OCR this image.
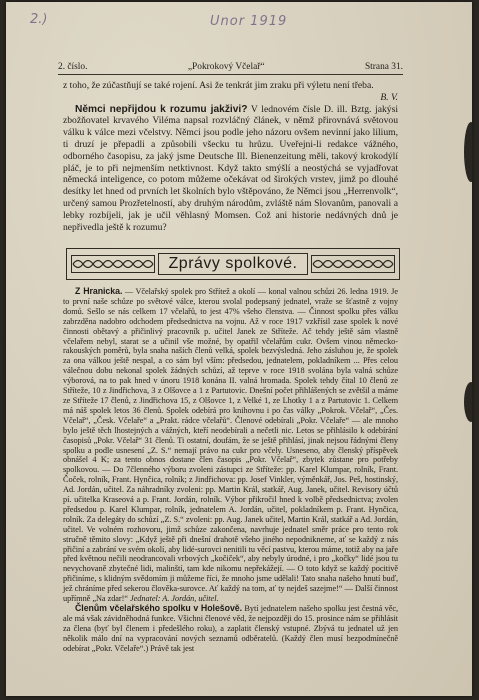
2.)	Unor 1919
2. číslo.	„Pokrokový Včelař“	Strana 31.
z toho, že zúčastňují se také rojení. Asi že tenkrát jim zraku při výletu není třeba.
B. V.
Němci nepřijdou k rozumu jakživi? V lednovém čísle D. ill. Bztg. jakýsi zbožňovatel krvavého Viléma napsal rozvláčný článek, v němž přirovnává světovou válku k válce mezi včelstvy. Němci jsou podle jeho názoru ovšem nevinní jako lilium, ti druzí je přepadli a způsobili všecku tu hrůzu. Uveřejni-li redakce vážného, odborného časopisu, za jaký jsme Deutsche Ill. Bienenzeitung měli, takový krokodýlí pláč, je to při nejmenším netktivnost. Když takto smýšlí a neostýchá se vyjadřovat německá inteligence, co potom můžeme očekávat od širokých vrstev, jimž po dlouhé desítky let hned od prvních let školních bylo vštěpováno, že Němci jsou „Herrenvolk“, určený samou Prozřetelností, aby druhým národům, zvláště nám Slovanům, panovali a lebky rozbíjeli, jak je učil věhlasný Momsen. Což ani historie nedávných dnů je nepřivedla ještě k rozumu?
Zprávy spolkové.

Z Hranicka. — Včelařský spolek pro Střítež a okolí — konal valnou schůzi 26. ledna 1919. Je to první naše schůze po světové válce, kterou svolal podepsaný jednatel, vraže se šťastně z vojny domů. Sešlo se nás celkem 17 včelařů, to jest 47% všeho členstva. — Činnost spolku přes válku zabrzděna nadobro odchodem předsednictva na vojnu. Až v roce 1917 vzkřísil zase spolek k nové činnosti obětavý a přičinlivý pracovník p. učitel Janek ze Stříteže. Ač tehdy ještě sám vlastně včelařem nebyl, starat se a učinil vše možné, by opatřil včelařům cukr. Ovšem vinou německo-rakouských poměrů, byla snaha naších členů velká, spolek bezvýsledná. Jeho zásluhou je, že spolek za ona válkou ještě nespal, a co sám byl vším: předsedou, jednatelem, pokladníkem ... Přes celou válečnou dobu nekonal spolek žádných schůzí, až teprve v roce 1918 svolána byla valná schůze výborová, na to pak hned v únoru 1918 konána II. valná hromada. Spolek tehdy čítal 10 členů ze Stříteže, 10 z Jindřichova, 3 z Olšovce a 1 z Partutovic. Dnešní počet přihlášených se zvětšil a máme ze Stříteže 17 členů, z Jindřichova 15, z Olšovce 1, z Velké 1, ze Lhotky 1 a z Partutovic 1. Celkem má náš spolek letos 36 členů. Spolek odebírá pro knihovnu i po čas války „Pokrok. Včelař“, „Čes. Včelař“, „Česk. Včelaře“ a „Prakt. rádce včelařů“. Členové odebírali „Pokr. Včelaře“ — ale mnoho bylo ještě těch lhostejných a vážných, kteří neodebírali a nečetli nic. Letos se přihlásilo k odebírání časopisů „Pokr. Včelař“ 31 členů. Ti ostatní, doufám, že se ještě přihlásí, jinak nejsou řádnými členy spolku a podle usnesení „Z. S.“ nemají právo na cukr pro včely. Usneseno, aby členský příspěvek obnášel 4 K; za tento obnos dostane člen časopis „Pokr. Včelař“, zbytek zůstane pro potřeby spolkovou. — Do 7členného výboru zvoleni zástupci ze Stříteže: pp. Karel Klumpar, rolník, Frant. Čoček, rolník, Frant. Hynčica, rolník; z Jindřichova: pp. Josef Vinkler, výměnkář, Jos. Peš, hostinský, Ad. Jordán, učitel. Za náhradníky zvoleni: pp. Martin Král, statkář, Aug. Janek, učitel. Revisory účtů pí. učitelka Kraseová a p. Frant. Jordán, rolník. Výbor přikročil hned k volbě předsednictva; zvolen předsedou p. Karel Klumpar, rolník, jednatelem A. Jordán, učitel, pokladníkem p. Frant. Hynčica, rolník. Za delegáty do schůzí „Z. S.“ zvoleni: pp. Aug. Janek učitel, Martin Král, statkář a Ad. Jordán, učitel. Ve volném rozhovoru, jimž schůze zakončena, navrhuje jednatel směr práce pro tento rok stručně těmito slovy: „Když ještě při dnešní drahotě všeho jiného nepodnikneme, ať se každý z nás přičiní a zabrání ve svém okolí, aby lidé-surovci nenitili tu věcí pastvu, kterou máme, totiž aby na jaře před květnou nečili neodrancovali vrbových „kočiček“, aby nebyly úrodné, i pro „kočky“ lidé jsou tu nevychovaně zbytečné lidi, malinští, tam kde nikomu nepřekážejí. — O toto když se každý pocitivě přičiníme, s klidným svědomím ji můžeme říci, že mnoho jsme udělali! Tato snaha našeho hnutí buď, jež chráníme před sekerou člověka-surovce. Ať každý na tom, ať ty nejdeš sazejme!“ — Další činnost upřímně „Na zdar!“ Jednatel: A. Jordán, učitel.

Členům včelařského spolku v Holešově. Bytí jednatelem našeho spolku jest čestná věc, ale má však závidněhodná funkce. Všichni členové věd, že nejpozději do 15. prosince nám se přihlásit za člena (byť byl členem i předešlého roku), a zaplatit členský vstupné. Zbývá tu jednatel už jen několik málo dní na vypracování nových seznamů odběratelů. (Každý člen musí bezpodmínečně odebírat „Pokr. Včelaře“.) Právě tak jest
